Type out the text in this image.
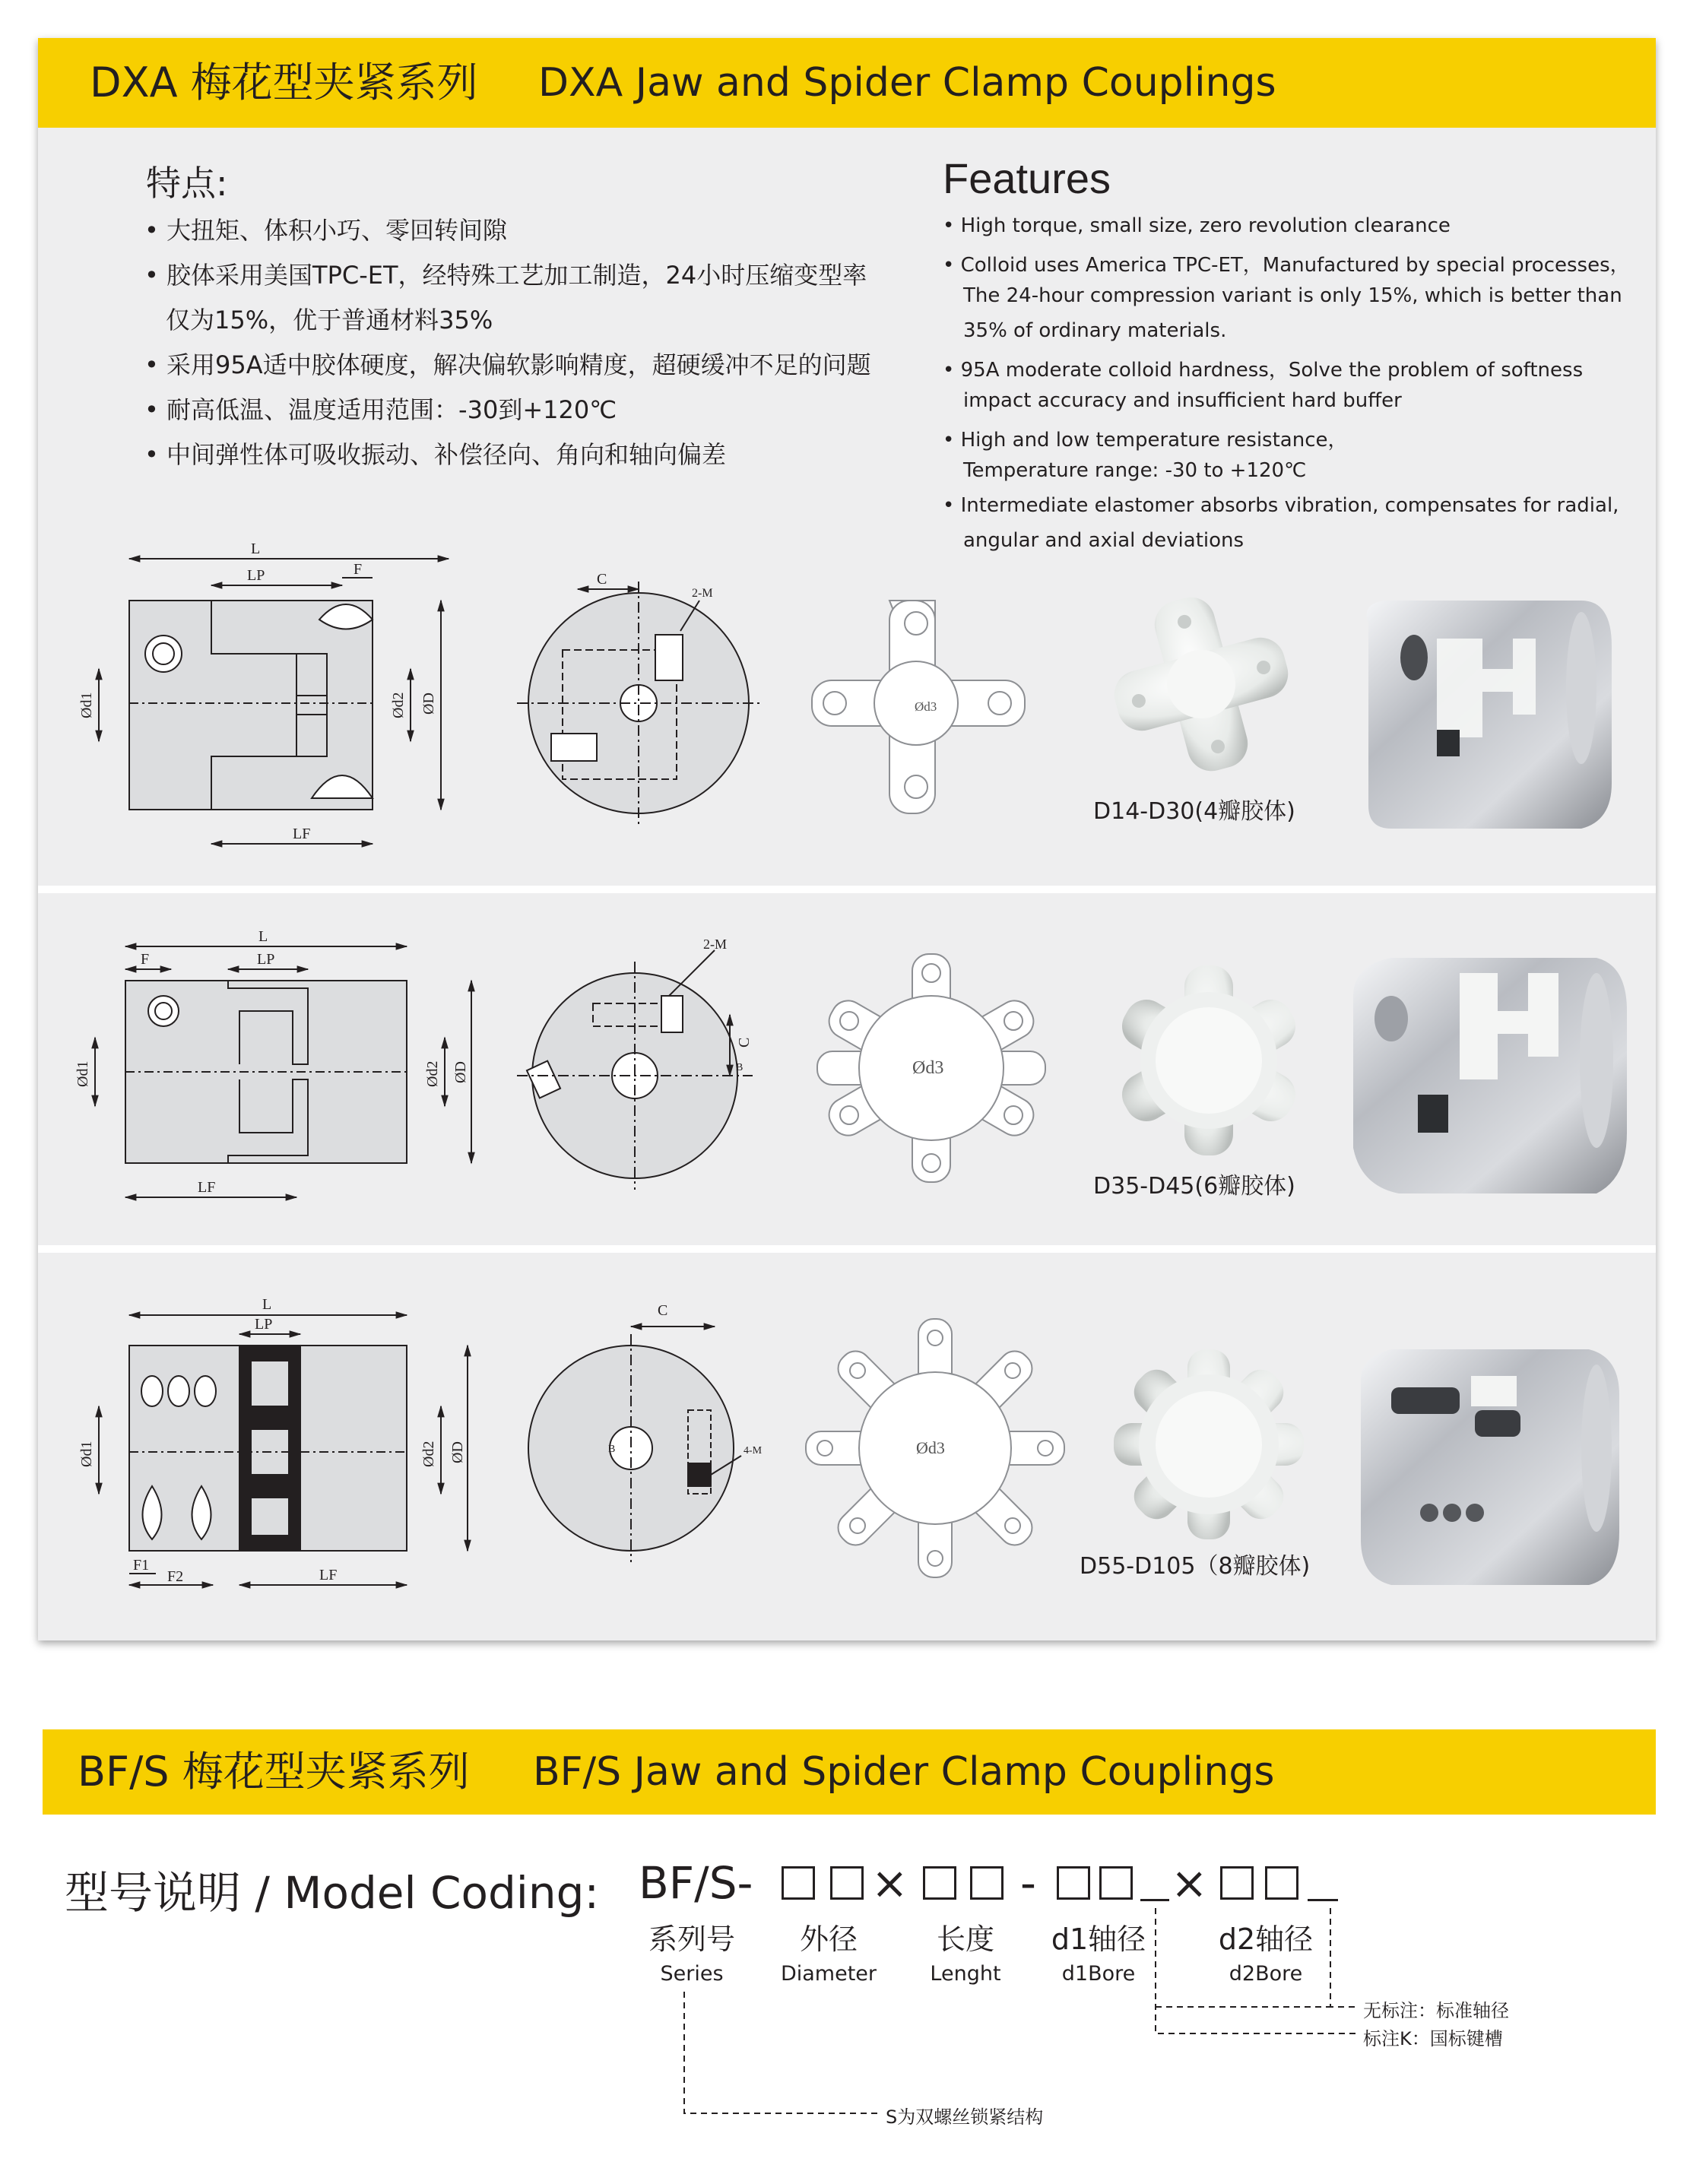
DXA 梅花型夹紧系列 DXA Jaw and Spider Clamp Couplings
特点:
• 大扭矩、体积小巧、零回转间隙
• 胶体采用美国TPC-ET，经特殊工艺加工制造，24小时压缩变型率
仅为15%，优于普通材料35%
• 采用95A适中胶体硬度，解决偏软影响精度，超硬缓冲不足的问题
• 耐高低温、温度适用范围：-30到+120℃
• 中间弹性体可吸收振动、补偿径向、角向和轴向偏差
Features
• High torque, small size, zero revolution clearance
• Colloid uses America TPC-ET，Manufactured by special processes，
The 24-hour compression variant is only 15%, which is better than
35% of ordinary materials.
• 95A moderate colloid hardness，Solve the problem of softness
impact accuracy and insufficient hard buffer
• High and low temperature resistance，
Temperature range: -30 to +120℃
• Intermediate elastomer absorbs vibration, compensates for radial,
angular and axial deviations
L
LP	F
LF
Ød1	Ød2 ØD
C
2-M
Ød3
L
LP
F
LF
Ød1	Ød2 ØD
C
B
2-M
Ød3
L
LP
F1
F2	LF
Ød1	Ød2 ØD
C
B	4-M	Ød3
D14-D30(4瓣胶体)
D35-D45(6瓣胶体)
D55-D105（8瓣胶体)
BF/S 梅花型夹紧系列 BF/S Jaw and Spider Clamp Couplings
型号说明 / Model Coding: BF/S-	×	-	×
系列号
Series
外径
Diameter
长度
Lenght
d1轴径
d1Bore
d2轴径
d2Bore
无标注：标准轴径
标注K：国标键槽
S为双螺丝锁紧结构
